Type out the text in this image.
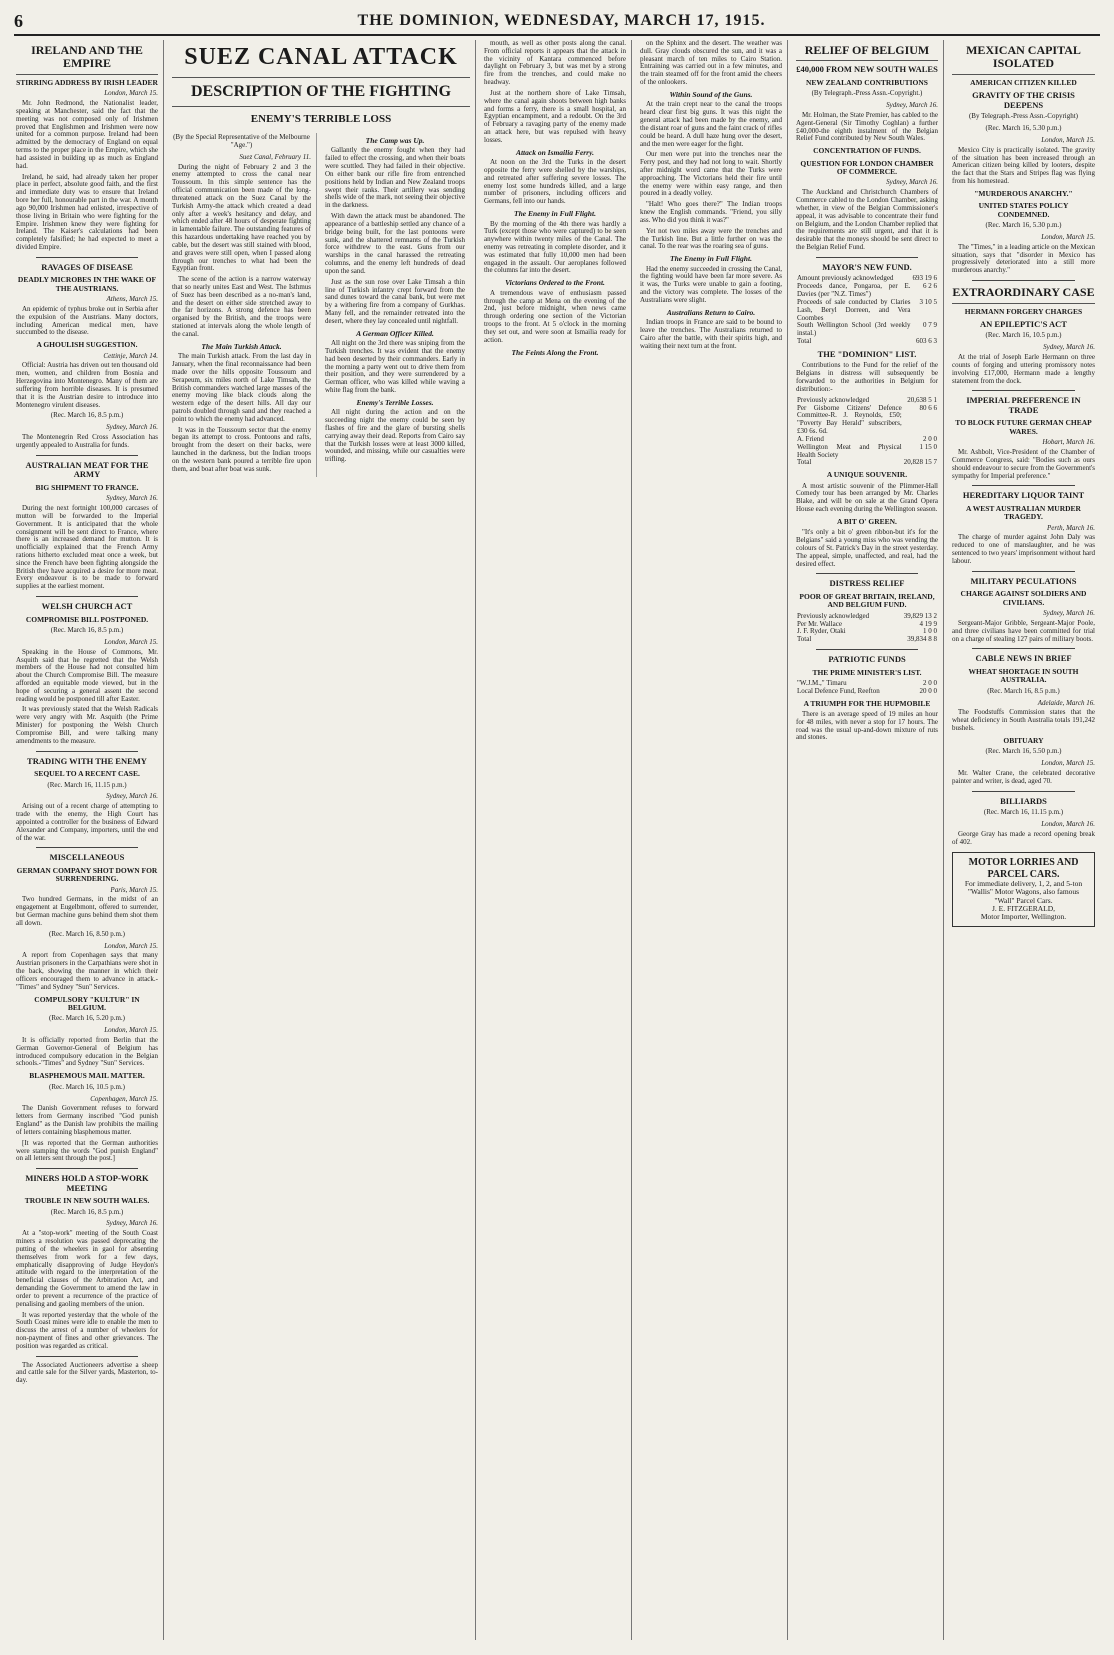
6	THE DOMINION, WEDNESDAY, MARCH 17, 1915.
IRELAND AND THE EMPIRE
STIRRING ADDRESS BY IRISH LEADER
London, March 15.

Mr. John Redmond, the Nationalist leader, speaking at Manchester, said the fact that the meeting was not composed only of Irishmen proved that Englishmen and Irishmen were now united for a common purpose. Ireland had been admitted by the democracy of England on equal terms to the proper place in the Empire, which she had assisted in building up as much as England had.

Ireland, he said, had already taken her proper place in perfect, absolute good faith, and the first and immediate duty was to ensure that Ireland bore her full, honourable part in the war. A month ago 90,000 Irishmen had enlisted, irrespective of those living in Britain who were fighting for the Empire. Irishmen knew they were fighting for Ireland. The Kaiser's calculations had been completely falsified; he had expected to meet a divided Empire.

RAVAGES OF DISEASE
DEADLY MICROBES IN THE WAKE OF THE AUSTRIANS.
Athens, March 15.

An epidemic of typhus broke out in Serbia after the expulsion of the Austrians. Many doctors, including American medical men, have succumbed to the disease.

A GHOULISH SUGGESTION.
Cettinje, March 14.

Official: Austria has driven out ten thousand old men, women, and children from Bosnia and Herzegovina into Montenegro. Many of them are suffering from horrible diseases. It is presumed that it is the Austrian desire to introduce into Montenegro virulent diseases.

(Rec. March 16, 8.5 p.m.)
Sydney, March 16.

The Montenegrin Red Cross Association has urgently appealed to Australia for funds.

AUSTRALIAN MEAT FOR THE ARMY
BIG SHIPMENT TO FRANCE.
Sydney, March 16.

During the next fortnight 100,000 carcases of mutton will be forwarded to the Imperial Government. It is anticipated that the whole consignment will be sent direct to France, where there is an increased demand for mutton. It is unofficially explained that the French Army rations hitherto excluded meat once a week, but since the French have been fighting alongside the British they have acquired a desire for more meat. Every endeavour is to be made to forward supplies at the earliest moment.

WELSH CHURCH ACT
COMPROMISE BILL POSTPONED.
(Rec. March 16, 8.5 p.m.)
London, March 15.

Speaking in the House of Commons, Mr. Asquith said that he regretted that the Welsh members of the House had not consulted him about the Church Compromise Bill. The measure afforded an equitable mode viewed, but in the hope of securing a general assent the second reading would be postponed till after Easter.

It was previously stated that the Welsh Radicals were very angry with Mr. Asquith (the Prime Minister) for postponing the Welsh Church Compromise Bill, and were talking many amendments to the measure.

TRADING WITH THE ENEMY
SEQUEL TO A RECENT CASE.
(Rec. March 16, 11.15 p.m.)
Sydney, March 16.

Arising out of a recent charge of attempting to trade with the enemy, the High Court has appointed a controller for the business of Edward Alexander and Company, importers, until the end of the war.

MISCELLANEOUS
GERMAN COMPANY SHOT DOWN FOR SURRENDERING.
Paris, March 15.

Two hundred Germans, in the midst of an engagement at Eugelbmont, offered to surrender, but German machine guns behind them shot them all down.

(Rec. March 16, 8.50 p.m.)
London, March 15.

A report from Copenhagen says that many Austrian prisoners in the Carpathians were shot in the back, showing the manner in which their officers encouraged them to advance in attack.-"Times" and Sydney "Sun" Services.

COMPULSORY "KULTUR" IN BELGIUM.
(Rec. March 16, 5.20 p.m.)
London, March 15.

It is officially reported from Berlin that the German Governor-General of Belgium has introduced compulsory education in the Belgian schools.-"Times" and Sydney "Sun" Services.

BLASPHEMOUS MAIL MATTER.
(Rec. March 16, 10.5 p.m.)
Copenhagen, March 15.

The Danish Government refuses to forward letters from Germany inscribed "God punish England" as the Danish law prohibits the mailing of letters containing blasphemous matter.

[It was reported that the German authorities were stamping the words "God punish England" on all letters sent through the post.]

MINERS HOLD A STOP-WORK MEETING
TROUBLE IN NEW SOUTH WALES.
(Rec. March 16, 8.5 p.m.)
Sydney, March 16.

At a "stop-work" meeting of the South Coast miners a resolution was passed deprecating the putting of the wheelers in gaol for absenting themselves from work for a few days, emphatically disapproving of Judge Heydon's attitude with regard to the interpretation of the beneficial clauses of the Arbitration Act, and demanding the Government to amend the law in order to prevent a recurrence of the practice of penalising and gaoling members of the union.

It was reported yesterday that the whole of the South Coast mines were idle to enable the men to discuss the arrest of a number of wheelers for non-payment of fines and other grievances. The position was regarded as critical.

The Associated Auctioneers advertise a sheep and cattle sale for the Silver yards, Masterton, to-day.

SUEZ CANAL ATTACK
DESCRIPTION OF THE FIGHTING
ENEMY'S TERRIBLE LOSS
(By the Special Representative of the Melbourne "Age.")
Suez Canal, February 11.

During the night of February 2 and 3 the enemy attempted to cross the canal near Toussoum. In this simple sentence has the official communication been made of the long-threatened attack on the Suez Canal by the Turkish Army-the attack which created a dead only after a week's hesitancy and delay, and which ended after 48 hours of desperate fighting in lamentable failure. The outstanding features of this hazardous undertaking have reached you by cable, but the desert was still stained with blood, and graves were still open, when I passed along through our trenches to what had been the Egyptian front.

The scene of the action is a narrow waterway that so nearly unites East and West. The Isthmus of Suez has been described as a no-man's land, and the desert on either side stretched away to the far horizons. A strong defence has been organised by the British, and the troops were stationed at intervals along the whole length of the canal.

The Main Turkish Attack.

The main Turkish attack. From the last day in January, when the final reconnaissance had been made over the hills opposite Toussoum and Serapeum, six miles north of Lake Timsah, the British commanders watched large masses of the enemy moving like black clouds along the western edge of the desert hills. All day our patrols doubled through sand and they reached a point to which the enemy had advanced.

It was in the Toussoum sector that the enemy began its attempt to cross. Pontoons and rafts, brought from the desert on their backs, were launched in the darkness, but the Indian troops on the western bank poured a terrible fire upon them, and boat after boat was sunk.

The Camp was Up.

Gallantly the enemy fought when they had failed to effect the crossing, and when their boats were scuttled. They had failed in their objective. On either bank our rifle fire from entrenched positions held by Indian and New Zealand troops swept their ranks. Their artillery was sending shells wide of the mark, not seeing their objective in the darkness.

With dawn the attack must be abandoned. The appearance of a battleship settled any chance of a bridge being built, for the last pontoons were sunk, and the shattered remnants of the Turkish force withdrew to the east. Guns from our warships in the canal harassed the retreating columns, and the enemy left hundreds of dead upon the sand.

Just as the sun rose over Lake Timsah a thin line of Turkish infantry crept forward from the sand dunes toward the canal bank, but were met by a withering fire from a company of Gurkhas. Many fell, and the remainder retreated into the desert, where they lay concealed until nightfall.

A German Officer Killed.

All night on the 3rd there was sniping from the Turkish trenches. It was evident that the enemy had been deserted by their commanders. Early in the morning a party went out to drive them from their position, and they were surrendered by a German officer, who was killed while waving a white flag from the bank.

Enemy's Terrible Losses.

All night during the action and on the succeeding night the enemy could be seen by flashes of fire and the glare of bursting shells carrying away their dead. Reports from Cairo say that the Turkish losses were at least 3000 killed, wounded, and missing, while our casualties were trifling.

mouth, as well as other posts along the canal. From official reports it appears that the attack in the vicinity of Kantara commenced before daylight on February 3, but was met by a strong fire from the trenches, and could make no headway.

Just at the northern shore of Lake Timsah, where the canal again shoots between high banks and forms a ferry, there is a small hospital, an Egyptian encampment, and a redoubt. On the 3rd of February a ravaging party of the enemy made an attack here, but was repulsed with heavy losses.

Attack on Ismailia Ferry.

At noon on the 3rd the Turks in the desert opposite the ferry were shelled by the warships, and retreated after suffering severe losses. The enemy lost some hundreds killed, and a large number of prisoners, including officers and Germans, fell into our hands.

The Enemy in Full Flight.

By the morning of the 4th there was hardly a Turk (except those who were captured) to be seen anywhere within twenty miles of the Canal. The enemy was retreating in complete disorder, and it was estimated that fully 10,000 men had been engaged in the assault. Our aeroplanes followed the columns far into the desert.

Victorians Ordered to the Front.

A tremendous wave of enthusiasm passed through the camp at Mena on the evening of the 2nd, just before midnight, when news came through ordering one section of the Victorian troops to the front. At 5 o'clock in the morning they set out, and were soon at Ismailia ready for action.

The Feints Along the Front.

on the Sphinx and the desert. The weather was dull. Gray clouds obscured the sun, and it was a pleasant march of ten miles to Cairo Station. Entraining was carried out in a few minutes, and the train steamed off for the front amid the cheers of the onlookers.

Within Sound of the Guns.

At the train crept near to the canal the troops heard clear first big guns. It was this night the general attack had been made by the enemy, and the distant roar of guns and the faint crack of rifles could be heard. A dull haze hung over the desert, and the men were eager for the fight.

Our men were put into the trenches near the Ferry post, and they had not long to wait. Shortly after midnight word came that the Turks were approaching. The Victorians held their fire until the enemy were within easy range, and then poured in a deadly volley.

"Halt! Who goes there?" The Indian troops knew the English commands. "Friend, you silly ass. Who did you think it was?"

Yet not two miles away were the trenches and the Turkish line. But a little further on was the canal. To the rear was the roaring sea of guns.

The Enemy in Full Flight.

Had the enemy succeeded in crossing the Canal, the fighting would have been far more severe. As it was, the Turks were unable to gain a footing, and the victory was complete. The losses of the Australians were slight.

Australians Return to Cairo.

Indian troops in France are said to be bound to leave the trenches. The Australians returned to Cairo after the battle, with their spirits high, and waiting their next turn at the front.

RELIEF OF BELGIUM
£40,000 FROM NEW SOUTH WALES
NEW ZEALAND CONTRIBUTIONS
(By Telegraph.-Press Assn.-Copyright.)
Sydney, March 16.

Mr. Holman, the State Premier, has cabled to the Agent-General (Sir Timothy Coghlan) a further £40,000-the eighth instalment of the Belgian Relief Fund contributed by New South Wales.

CONCENTRATION OF FUNDS.
QUESTION FOR LONDON CHAMBER OF COMMERCE.
Sydney, March 16.

The Auckland and Christchurch Chambers of Commerce cabled to the London Chamber, asking whether, in view of the Belgian Commissioner's appeal, it was advisable to concentrate their fund on Belgium, and the London Chamber replied that the requirements are still urgent, and that it is desirable that the moneys should be sent direct to the Belgian Relief Fund.

MAYOR'S NEW FUND.
Amount previously acknowledged	693 19 6
Proceeds dance, Pongaroa, per E. Davies (per "N.Z. Times")	6 2 6
Proceeds of sale conducted by Claries Lash, Beryl Dorreen, and Vera Coombes	3 10 5
South Wellington School (3rd weekly instal.)	0 7 9
Total	603 6 3
THE "DOMINION" LIST.

Contributions to the Fund for the relief of the Belgians in distress will subsequently be forwarded to the authorities in Belgium for distribution:-

Previously acknowledged	20,638 5 1
Per Gisborne Citizens' Defence Committee-R. J. Reynolds, £50; "Poverty Bay Herald" subscribers, £30 6s. 6d.	80 6 6
A. Friend	2 0 0
Wellington Meat and Physical Health Society	1 15 0
Total	20,828 15 7
A UNIQUE SOUVENIR.

A most artistic souvenir of the Plimmer-Hall Comedy tour has been arranged by Mr. Charles Blake, and will be on sale at the Grand Opera House each evening during the Wellington season.

A BIT O' GREEN.

"It's only a bit o' green ribbon-but it's for the Belgians" said a young miss who was vending the colours of St. Patrick's Day in the street yesterday. The appeal, simple, unaffected, and real, had the desired effect.

DISTRESS RELIEF
POOR OF GREAT BRITAIN, IRELAND, AND BELGIUM FUND.
Previously acknowledged	39,829 13 2
Per Mr. Wallace	4 19 9
J. F. Ryder, Otaki	1 0 0
Total	39,834 8 8
PATRIOTIC FUNDS
THE PRIME MINISTER'S LIST.
"W.J.M.," Timaru	2 0 0
Local Defence Fund, Reefton	20 0 0
A TRIUMPH FOR THE HUPMOBILE

There is an average speed of 19 miles an hour for 48 miles, with never a stop for 17 hours. The road was the usual up-and-down mixture of ruts and stones.

MEXICAN CAPITAL ISOLATED
AMERICAN CITIZEN KILLED
GRAVITY OF THE CRISIS DEEPENS
(By Telegraph.-Press Assn.-Copyright)
(Rec. March 16, 5.30 p.m.)
London, March 15.

Mexico City is practically isolated. The gravity of the situation has been increased through an American citizen being killed by looters, despite the fact that the Stars and Stripes flag was flying from his homestead.

"MURDEROUS ANARCHY."
UNITED STATES POLICY CONDEMNED.
(Rec. March 16, 5.30 p.m.)
London, March 15.

The "Times," in a leading article on the Mexican situation, says that "disorder in Mexico has progressively deteriorated into a still more murderous anarchy."

EXTRAORDINARY CASE
HERMANN FORGERY CHARGES
AN EPILEPTIC'S ACT
(Rec. March 16, 10.5 p.m.)
Sydney, March 16.

At the trial of Joseph Earle Hermann on three counts of forging and uttering promissory notes involving £17,000, Hermann made a lengthy statement from the dock.

IMPERIAL PREFERENCE IN TRADE
TO BLOCK FUTURE GERMAN CHEAP WARES.
Hobart, March 16.

Mr. Ashbolt, Vice-President of the Chamber of Commerce Congress, said: "Bodies such as ours should endeavour to secure from the Government's sympathy for Imperial preference."

HEREDITARY LIQUOR TAINT
A WEST AUSTRALIAN MURDER TRAGEDY.
Perth, March 16.

The charge of murder against John Daly was reduced to one of manslaughter, and he was sentenced to two years' imprisonment without hard labour.

MILITARY PECULATIONS
CHARGE AGAINST SOLDIERS AND CIVILIANS.
Sydney, March 16.

Sergeant-Major Gribble, Sergeant-Major Poole, and three civilians have been committed for trial on a charge of stealing 127 pairs of military boots.

CABLE NEWS IN BRIEF
WHEAT SHORTAGE IN SOUTH AUSTRALIA.
(Rec. March 16, 8.5 p.m.)
Adelaide, March 16.

The Foodstuffs Commission states that the wheat deficiency in South Australia totals 191,242 bushels.

OBITUARY
(Rec. March 16, 5.50 p.m.)
London, March 15.

Mr. Walter Crane, the celebrated decorative painter and writer, is dead, aged 70.

BILLIARDS
(Rec. March 16, 11.15 p.m.)
London, March 16.

George Gray has made a record opening break of 402.

MOTOR LORRIES AND PARCEL CARS.
For immediate delivery, 1, 2, and 5-ton "Wallis" Motor Wagons, also famous "Wall" Parcel Cars.
J. E. FITZGERALD,
Motor Importer, Wellington.
